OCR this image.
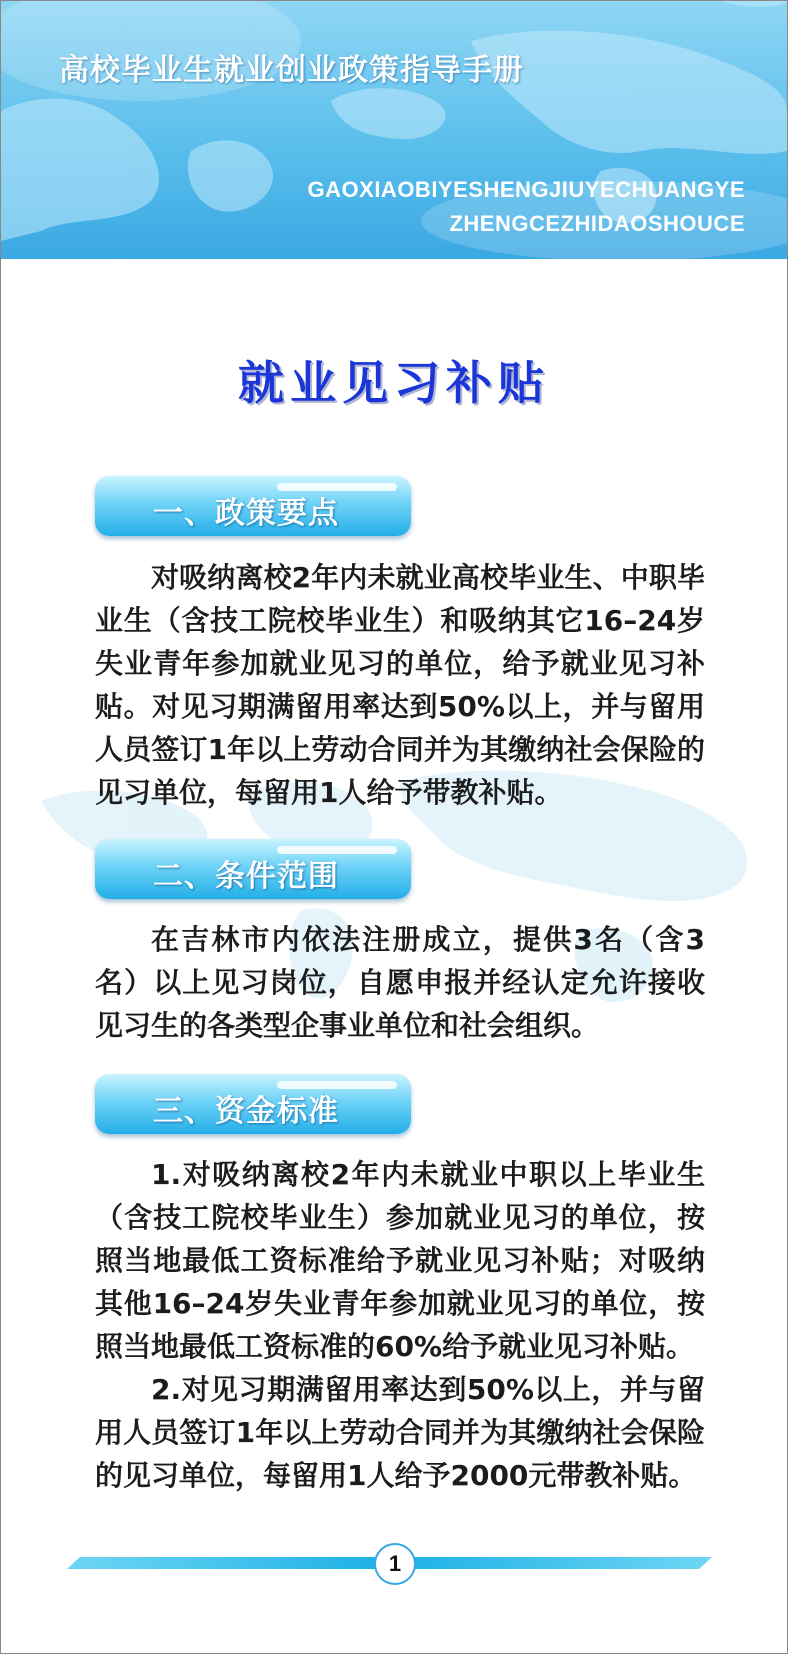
高校毕业生就业创业政策指导手册
GAOXIAOBIYESHENGJIUYECHUANGYE
ZHENGCEZHIDAOSHOUCE
就业见习补贴
一、政策要点

对吸纳离校2年内未就业高校毕业生、中职毕业生（含技工院校毕业生）和吸纳其它16–24岁失业青年参加就业见习的单位，给予就业见习补贴。对见习期满留用率达到50%以上，并与留用人员签订1年以上劳动合同并为其缴纳社会保险的见习单位，每留用1人给予带教补贴。

二、条件范围

在吉林市内依法注册成立，提供3名（含3名）以上见习岗位，自愿申报并经认定允许接收见习生的各类型企事业单位和社会组织。

三、资金标准

1.对吸纳离校2年内未就业中职以上毕业生（含技工院校毕业生）参加就业见习的单位，按照当地最低工资标准给予就业见习补贴；对吸纳其他16–24岁失业青年参加就业见习的单位，按照当地最低工资标准的60%给予就业见习补贴。

2.对见习期满留用率达到50%以上，并与留用人员签订1年以上劳动合同并为其缴纳社会保险的见习单位，每留用1人给予2000元带教补贴。

1
